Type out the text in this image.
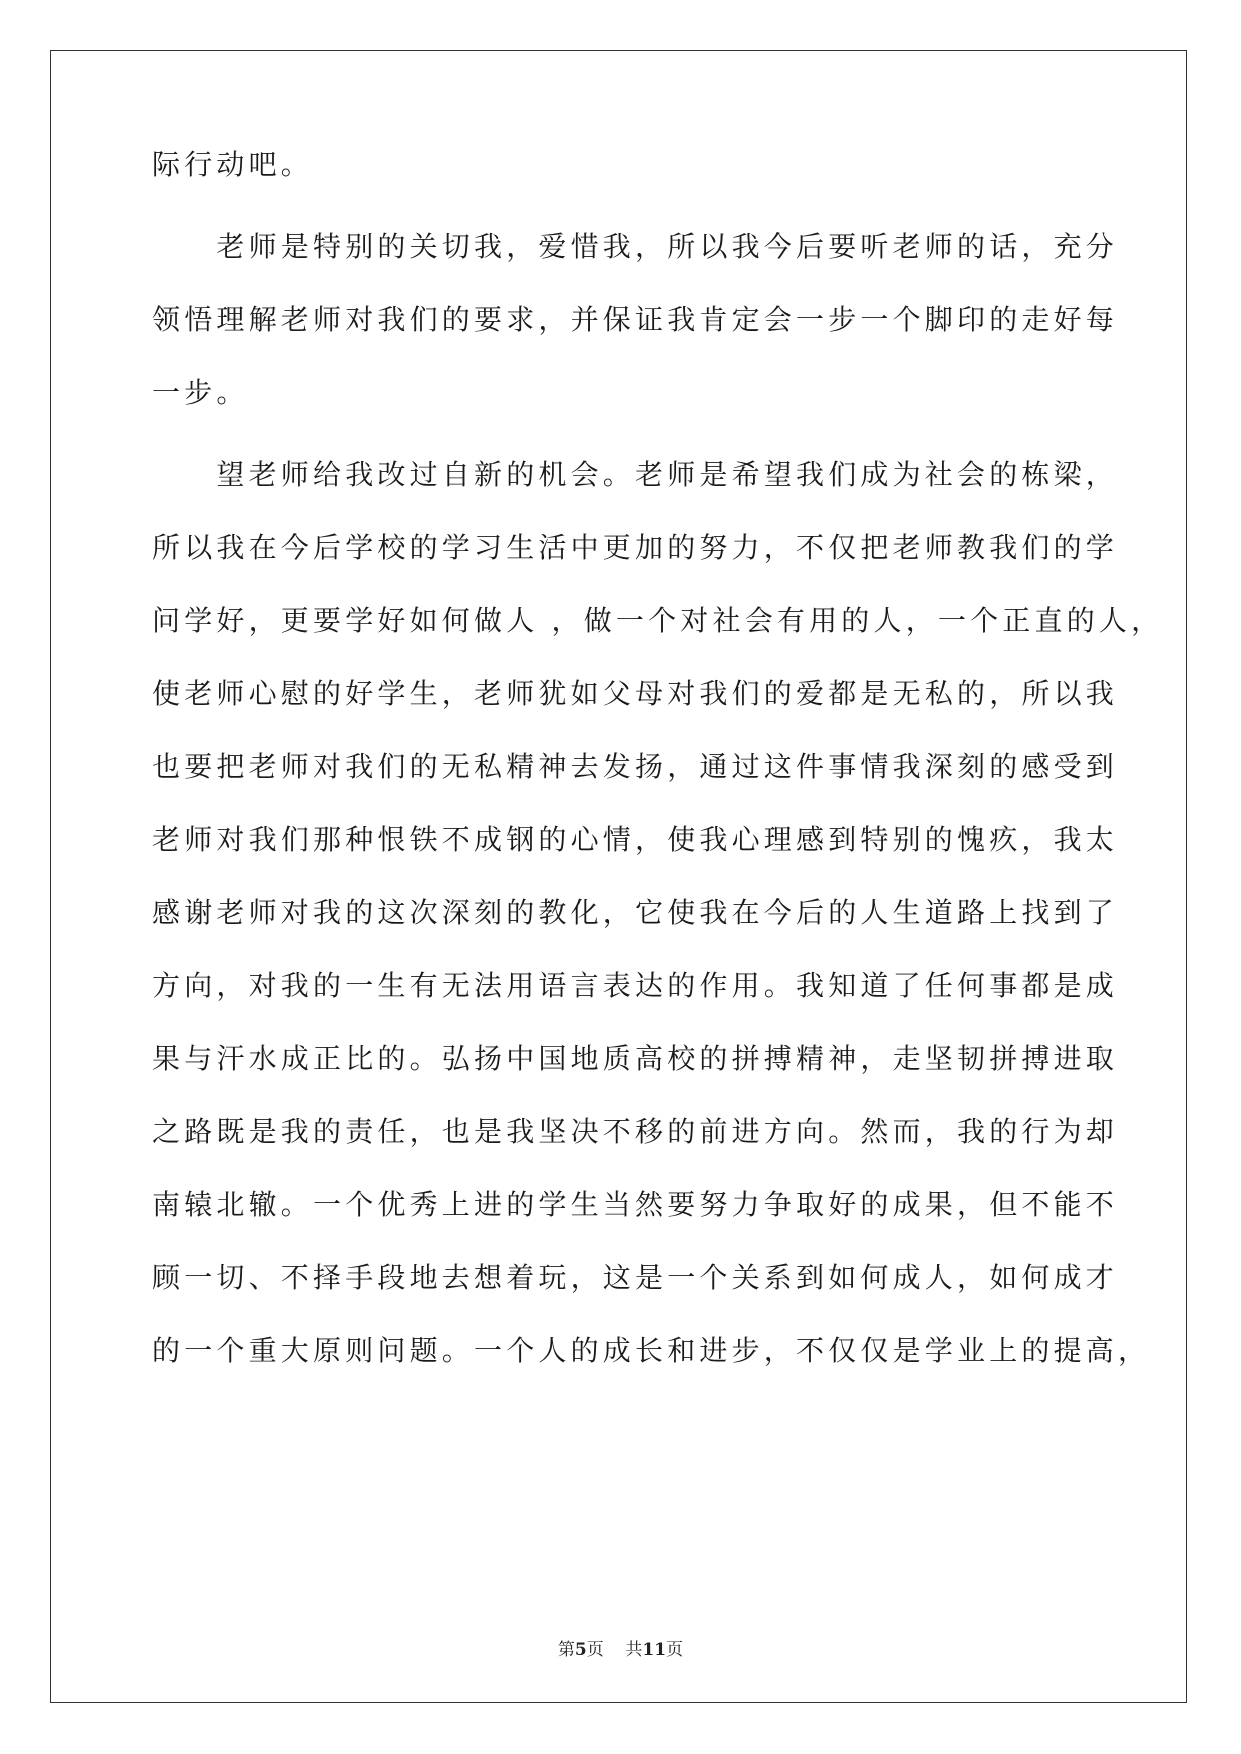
际行动吧。
　　老师是特别的关切我，爱惜我，所以我今后要听老师的话，充分
领悟理解老师对我们的要求，并保证我肯定会一步一个脚印的走好每
一步。
　　望老师给我改过自新的机会。老师是希望我们成为社会的栋梁，
所以我在今后学校的学习生活中更加的努力，不仅把老师教我们的学
问学好，更要学好如何做人 ，做一个对社会有用的人，一个正直的人，
使老师心慰的好学生，老师犹如父母对我们的爱都是无私的，所以我
也要把老师对我们的无私精神去发扬，通过这件事情我深刻的感受到
老师对我们那种恨铁不成钢的心情，使我心理感到特别的愧疚，我太
感谢老师对我的这次深刻的教化，它使我在今后的人生道路上找到了
方向，对我的一生有无法用语言表达的作用。我知道了任何事都是成
果与汗水成正比的。弘扬中国地质高校的拼搏精神，走坚韧拼搏进取
之路既是我的责任，也是我坚决不移的前进方向。然而，我的行为却
南辕北辙。一个优秀上进的学生当然要努力争取好的成果，但不能不
顾一切、不择手段地去想着玩，这是一个关系到如何成人，如何成才
的一个重大原则问题。一个人的成长和进步，不仅仅是学业上的提高，
第5页 共11页
